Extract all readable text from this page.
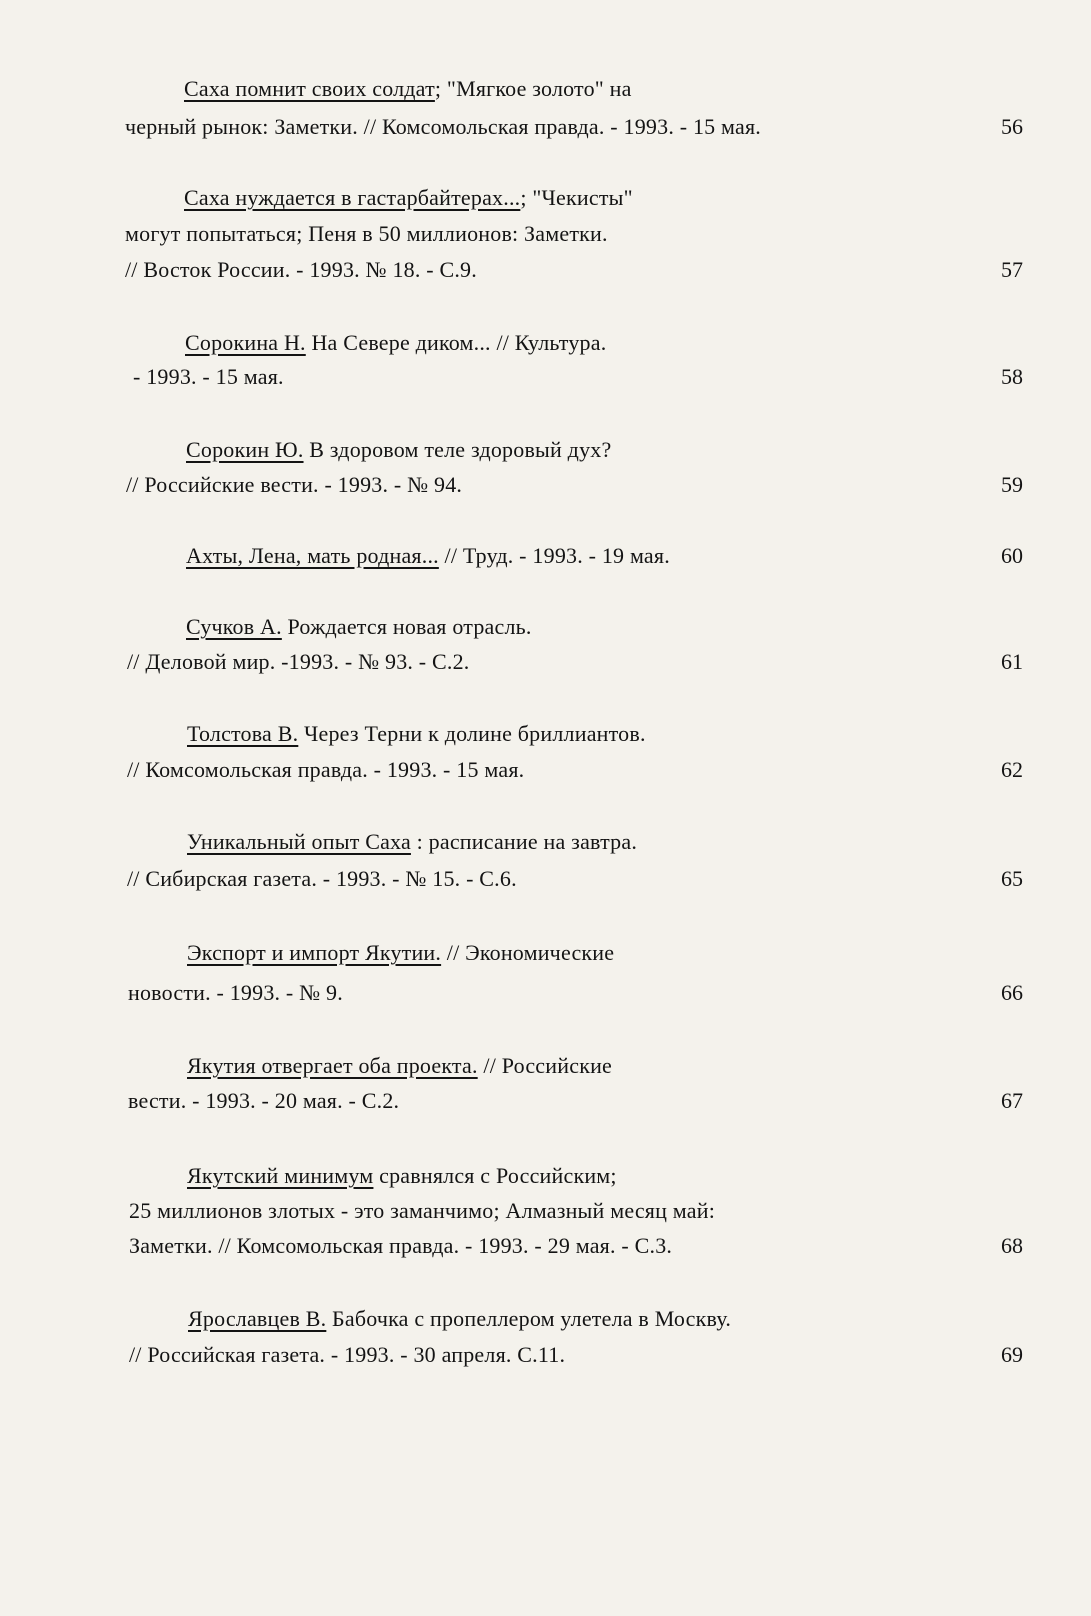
Саха помнит своих солдат; "Мягкое золото" на
черный рынок: Заметки. // Комсомольская правда. - 1993. - 15 мая.	56
Саха нуждается в гастарбайтерах...; "Чекисты"
могут попытаться; Пеня в 50 миллионов: Заметки.
// Восток России. - 1993. № 18. - С.9.	57
Сорокина Н. На Севере диком... // Культура.
- 1993. - 15 мая.	58
Сорокин Ю. В здоровом теле здоровый дух?
// Российские вести. - 1993. - № 94.	59
Ахты, Лена, мать родная... // Труд. - 1993. - 19 мая.	60
Сучков А. Рождается новая отрасль.
// Деловой мир. -1993. - № 93. - С.2.	61
Толстова В. Через Терни к долине бриллиантов.
// Комсомольская правда. - 1993. - 15 мая.	62
Уникальный опыт Саха : расписание на завтра.
// Сибирская газета. - 1993. - № 15. - С.6.	65
Экспорт и импорт Якутии. // Экономические
новости. - 1993. - № 9.	66
Якутия отвергает оба проекта. // Российские
вести. - 1993. - 20 мая. - С.2.	67
Якутский минимум сравнялся с Российским;
25 миллионов злотых - это заманчимо; Алмазный месяц май:
Заметки. // Комсомольская правда. - 1993. - 29 мая. - С.3.	68
Ярославцев В. Бабочка с пропеллером улетела в Москву.
// Российская газета. - 1993. - 30 апреля. С.11.	69
